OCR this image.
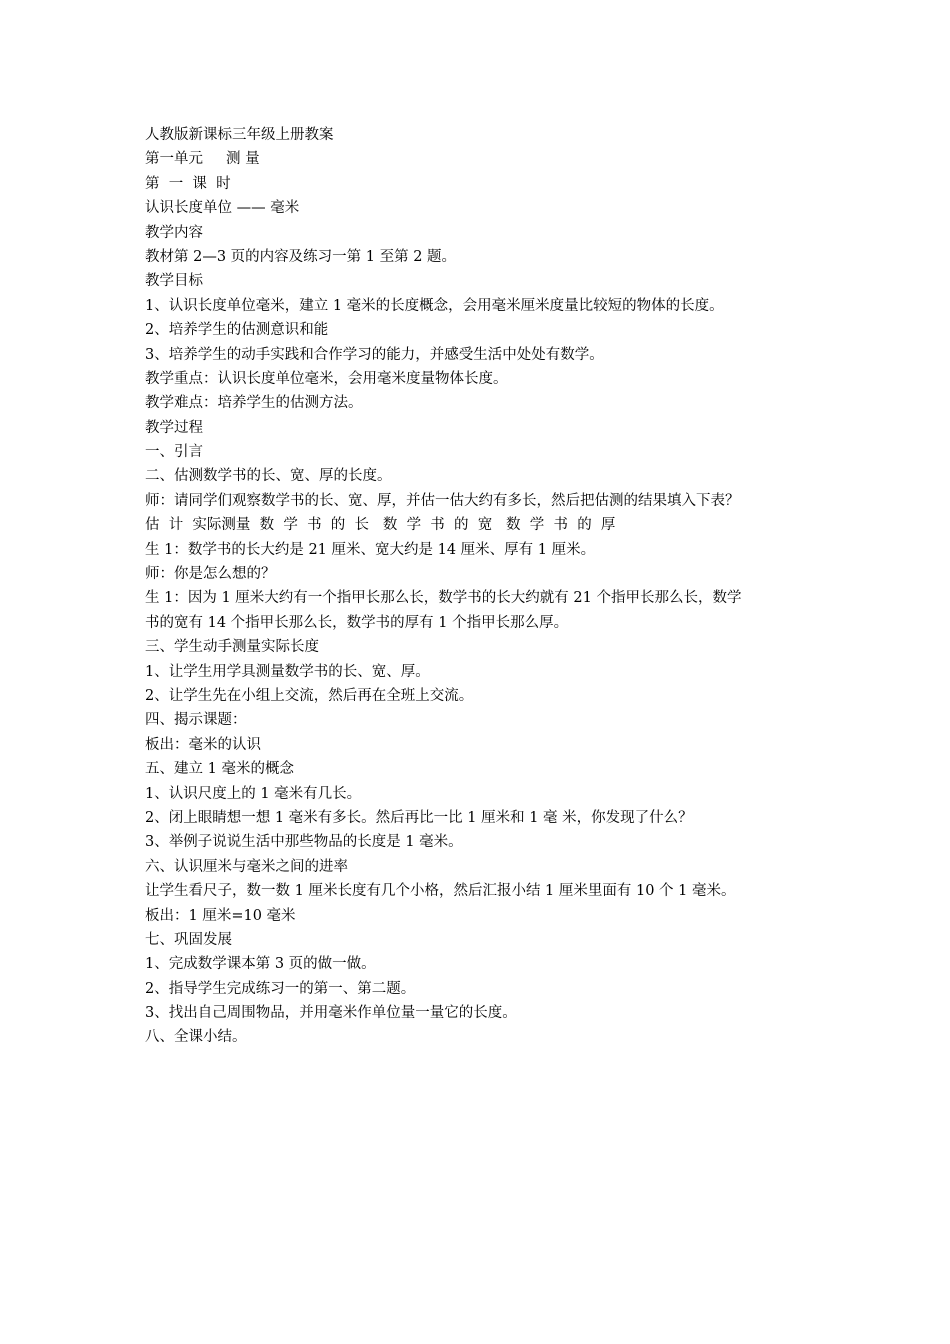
人教版新课标三年级上册教案
第一单元     测 量
第  一  课  时
认识长度单位 —— 毫米
教学内容
教材第 2—3 页的内容及练习一第 1 至第 2 题。
教学目标
1、认识长度单位毫米，建立 1 毫米的长度概念，会用毫米厘米度量比较短的物体的长度。
2、培养学生的估测意识和能
3、培养学生的动手实践和合作学习的能力，并感受生活中处处有数学。
教学重点：认识长度单位毫米，会用毫米度量物体长度。
教学难点：培养学生的估测方法。
教学过程
一、引言
二、估测数学书的长、宽、厚的长度。
师：请同学们观察数学书的长、宽、厚，并估一估大约有多长，然后把估测的结果填入下表？
估  计  实际测量  数  学  书  的  长   数  学  书  的  宽   数  学  书  的  厚
生 1：数学书的长大约是 21 厘米、宽大约是 14 厘米、厚有 1 厘米。
师：你是怎么想的？
生 1：因为 1 厘米大约有一个指甲长那么长，数学书的长大约就有 21 个指甲长那么长，数学
书的宽有 14 个指甲长那么长，数学书的厚有 1 个指甲长那么厚。
三、学生动手测量实际长度
1、让学生用学具测量数学书的长、宽、厚。
2、让学生先在小组上交流，然后再在全班上交流。
四、揭示课题：
板出：毫米的认识
五、建立 1 毫米的概念
1、认识尺度上的 1 毫米有几长。
2、闭上眼睛想一想 1 毫米有多长。然后再比一比 1 厘米和 1 毫 米，你发现了什么？
3、举例子说说生活中那些物品的长度是 1 毫米。
六、认识厘米与毫米之间的进率
让学生看尺子，数一数 1 厘米长度有几个小格，然后汇报小结 1 厘米里面有 10 个 1 毫米。
板出：1 厘米=10 毫米
七、巩固发展
1、完成数学课本第 3 页的做一做。
2、指导学生完成练习一的第一、第二题。
3、找出自己周围物品，并用毫米作单位量一量它的长度。
八、全课小结。
